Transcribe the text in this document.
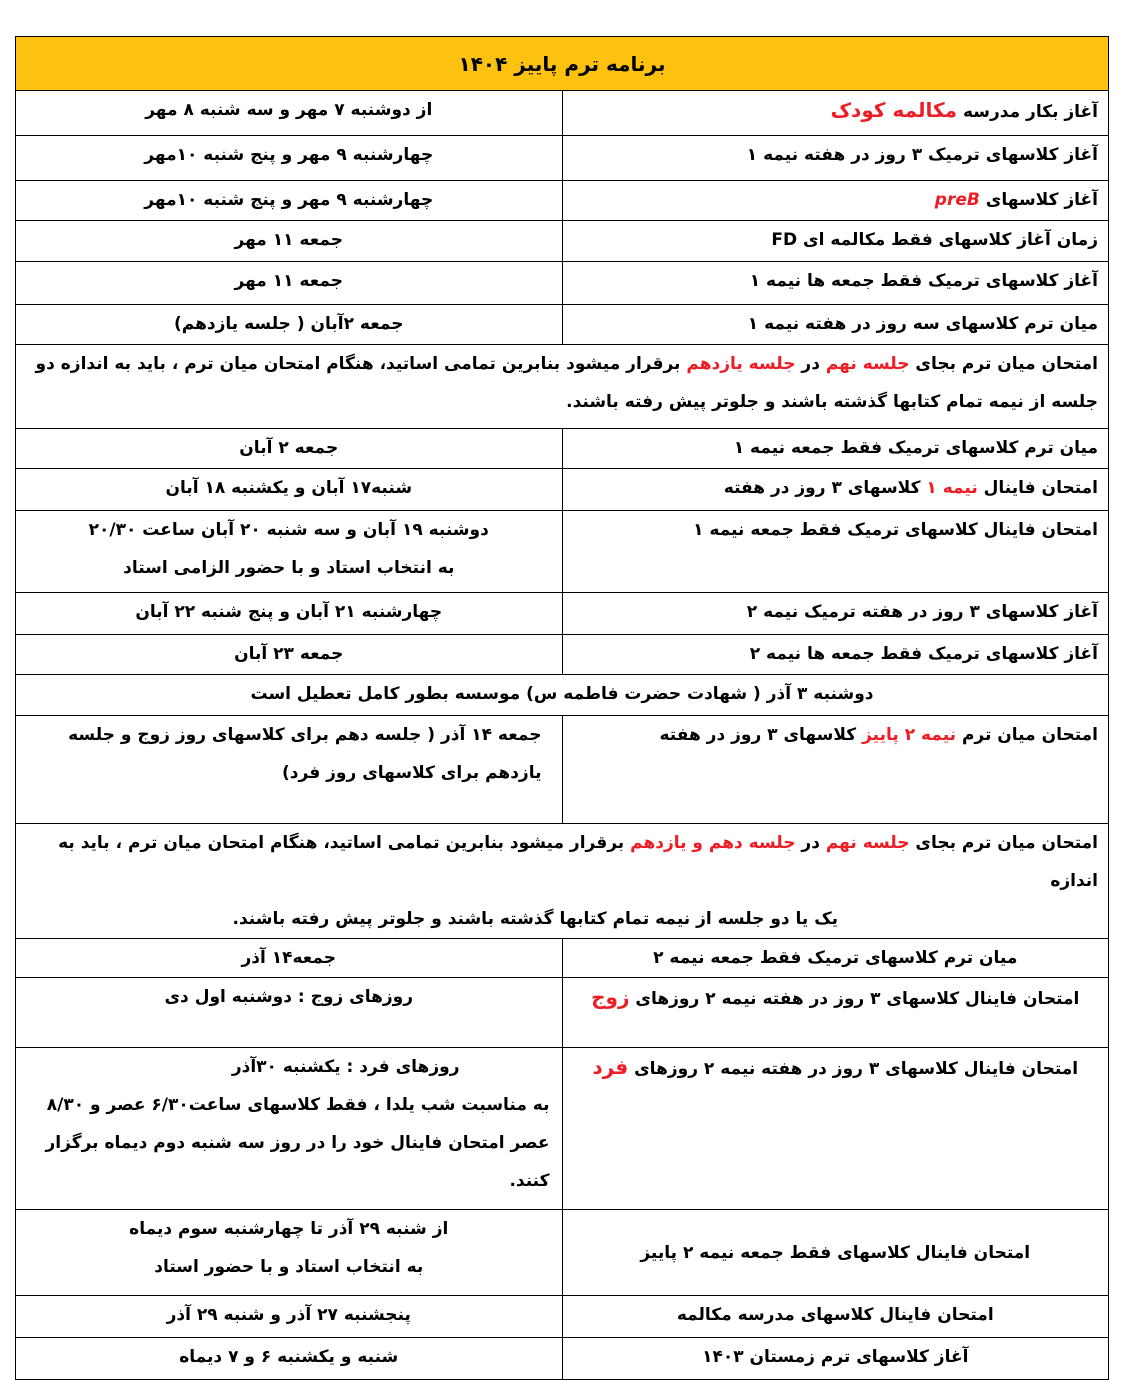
برنامه ترم پاییز ۱۴۰۴	
آغاز بکار مدرسه مکالمه کودک	از دوشنبه ۷ مهر و سه شنبه ۸ مهر
آغاز کلاسهای ترمیک ۳ روز در هفته نیمه ۱	چهارشنبه ۹ مهر و پنج شنبه ۱۰مهر
آغاز کلاسهای preB	چهارشنبه ۹ مهر و پنج شنبه ۱۰مهر
زمان آغاز کلاسهای فقط مکالمه ای FD	جمعه ۱۱ مهر
آغاز کلاسهای ترمیک فقط جمعه ها نیمه ۱	جمعه ۱۱ مهر
میان ترم کلاسهای سه روز در هفته نیمه ۱	جمعه ۲آبان ( جلسه یازدهم)

امتحان میان ترم بجای جلسه نهم در جلسه یازدهم برقرار میشود بنابرین تمامی اساتید، هنگام امتحان میان ترم ، باید به اندازه دو
جلسه از نیمه تمام کتابها گذشته باشند و جلوتر پیش رفته باشند.	

میان ترم کلاسهای ترمیک فقط جمعه نیمه ۱	جمعه ۲ آبان
امتحان فاینال نیمه ۱ کلاسهای ۳ روز در هفته	شنبه۱۷ آبان و یکشنبه ۱۸ آبان
امتحان فاینال کلاسهای ترمیک فقط جمعه نیمه ۱	دوشنبه ۱۹ آبان و سه شنبه ۲۰ آبان ساعت ۲۰/۳۰
به انتخاب استاد و با حضور الزامی استاد

آغاز کلاسهای ۳ روز در هفته ترمیک نیمه ۲	چهارشنبه ۲۱ آبان و پنج شنبه ۲۲ آبان
آغاز کلاسهای ترمیک فقط جمعه ها نیمه ۲	جمعه ۲۳ آبان
دوشنبه ۳ آذر ( شهادت حضرت فاطمه س) موسسه بطور کامل تعطیل است	
امتحان میان ترم نیمه ۲ پاییز کلاسهای ۳ روز در هفته	جمعه ۱۴ آذر ( جلسه دهم برای کلاسهای روز زوج و جلسه یازدهم برای کلاسهای روز فرد)

امتحان میان ترم بجای جلسه نهم در جلسه دهم و یازدهم برقرار میشود بنابرین تمامی اساتید، هنگام امتحان میان ترم ، باید به اندازه
یک یا دو جلسه از نیمه تمام کتابها گذشته باشند و جلوتر پیش رفته باشند.	

میان ترم کلاسهای ترمیک فقط جمعه نیمه ۲	جمعه۱۴ آذر
امتحان فاینال کلاسهای ۳ روز در هفته نیمه ۲ روزهای زوج	روزهای زوج : دوشنبه اول دی
امتحان فاینال کلاسهای ۳ روز در هفته نیمه ۲ روزهای فرد	روزهای فرد : یکشنبه ۳۰آذر
به مناسبت شب یلدا ، فقط کلاسهای ساعت۶/۳۰ عصر و ۸/۳۰ عصر امتحان فاینال خود را در روز سه شنبه دوم دیماه برگزار کنند.

امتحان فاینال کلاسهای فقط جمعه نیمه ۲ پاییز	از شنبه ۲۹ آذر تا چهارشنبه سوم دیماه
به انتخاب استاد و با حضور استاد

امتحان فاینال کلاسهای مدرسه مکالمه	پنجشنبه ۲۷ آذر و شنبه ۲۹ آذر
آغاز کلاسهای ترم زمستان ۱۴۰۳	شنبه و یکشنبه ۶ و ۷ دیماه
